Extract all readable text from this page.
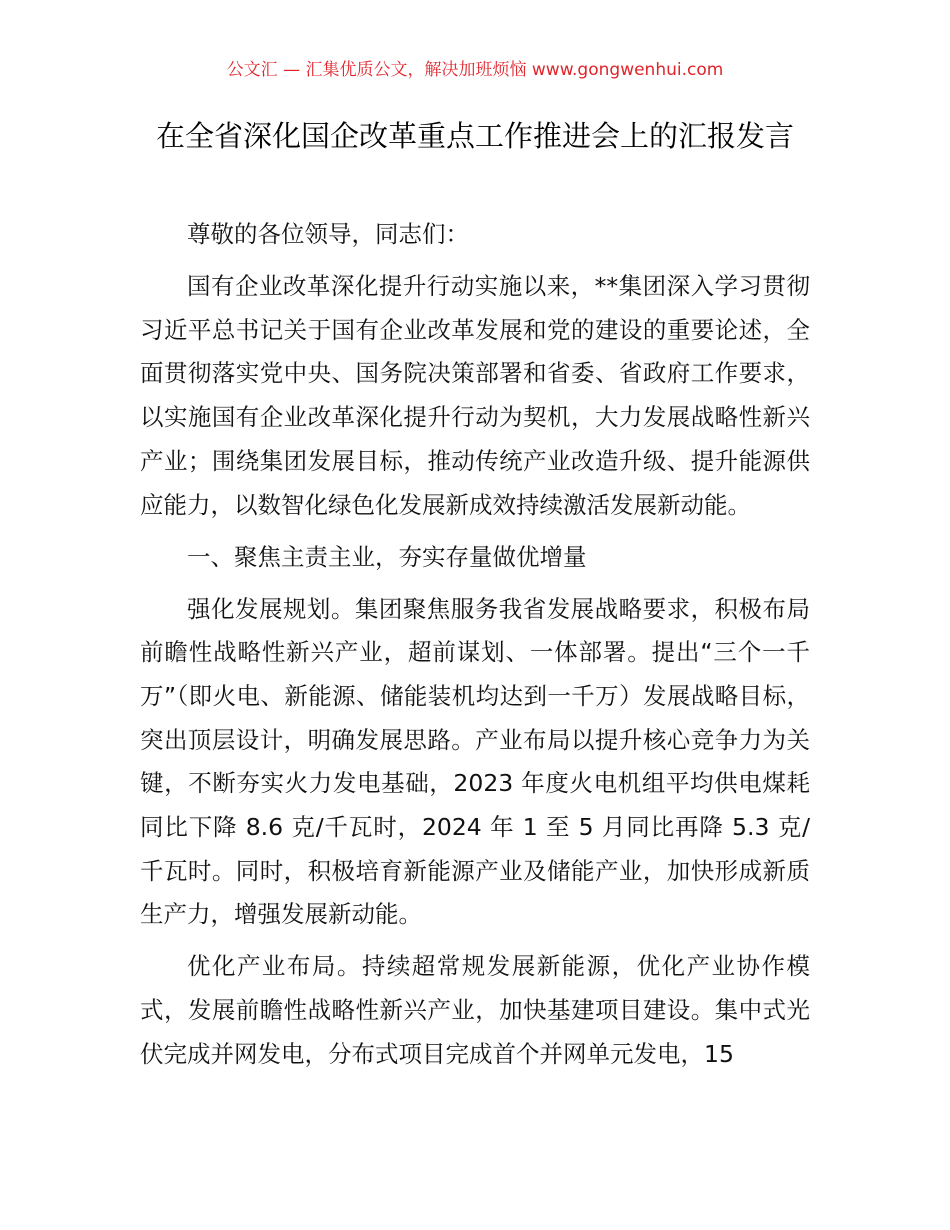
公文汇 — 汇集优质公文，解决加班烦恼 www.gongwenhui.com
在全省深化国企改革重点工作推进会上的汇报发言

尊敬的各位领导，同志们：

国有企业改革深化提升行动实施以来，**集团深入学习贯彻习近平总书记关于国有企业改革发展和党的建设的重要论述，全面贯彻落实党中央、国务院决策部署和省委、省政府工作要求，以实施国有企业改革深化提升行动为契机，大力发展战略性新兴产业；围绕集团发展目标，推动传统产业改造升级、提升能源供应能力，以数智化绿色化发展新成效持续激活发展新动能。

一、聚焦主责主业，夯实存量做优增量

强化发展规划。集团聚焦服务我省发展战略要求，积极布局前瞻性战略性新兴产业，超前谋划、一体部署。提出“三个一千万”（即火电、新能源、储能装机均达到一千万）发展战略目标，突出顶层设计，明确发展思路。产业布局以提升核心竞争力为关键，不断夯实火力发电基础，2023 年度火电机组平均供电煤耗同比下降 8.6 克/千瓦时，2024 年 1 至 5 月同比再降 5.3 克/千瓦时。同时，积极培育新能源产业及储能产业，加快形成新质生产力，增强发展新动能。

优化产业布局。持续超常规发展新能源，优化产业协作模式，发展前瞻性战略性新兴产业，加快基建项目建设。集中式光伏完成并网发电，分布式项目完成首个并网单元发电，15
